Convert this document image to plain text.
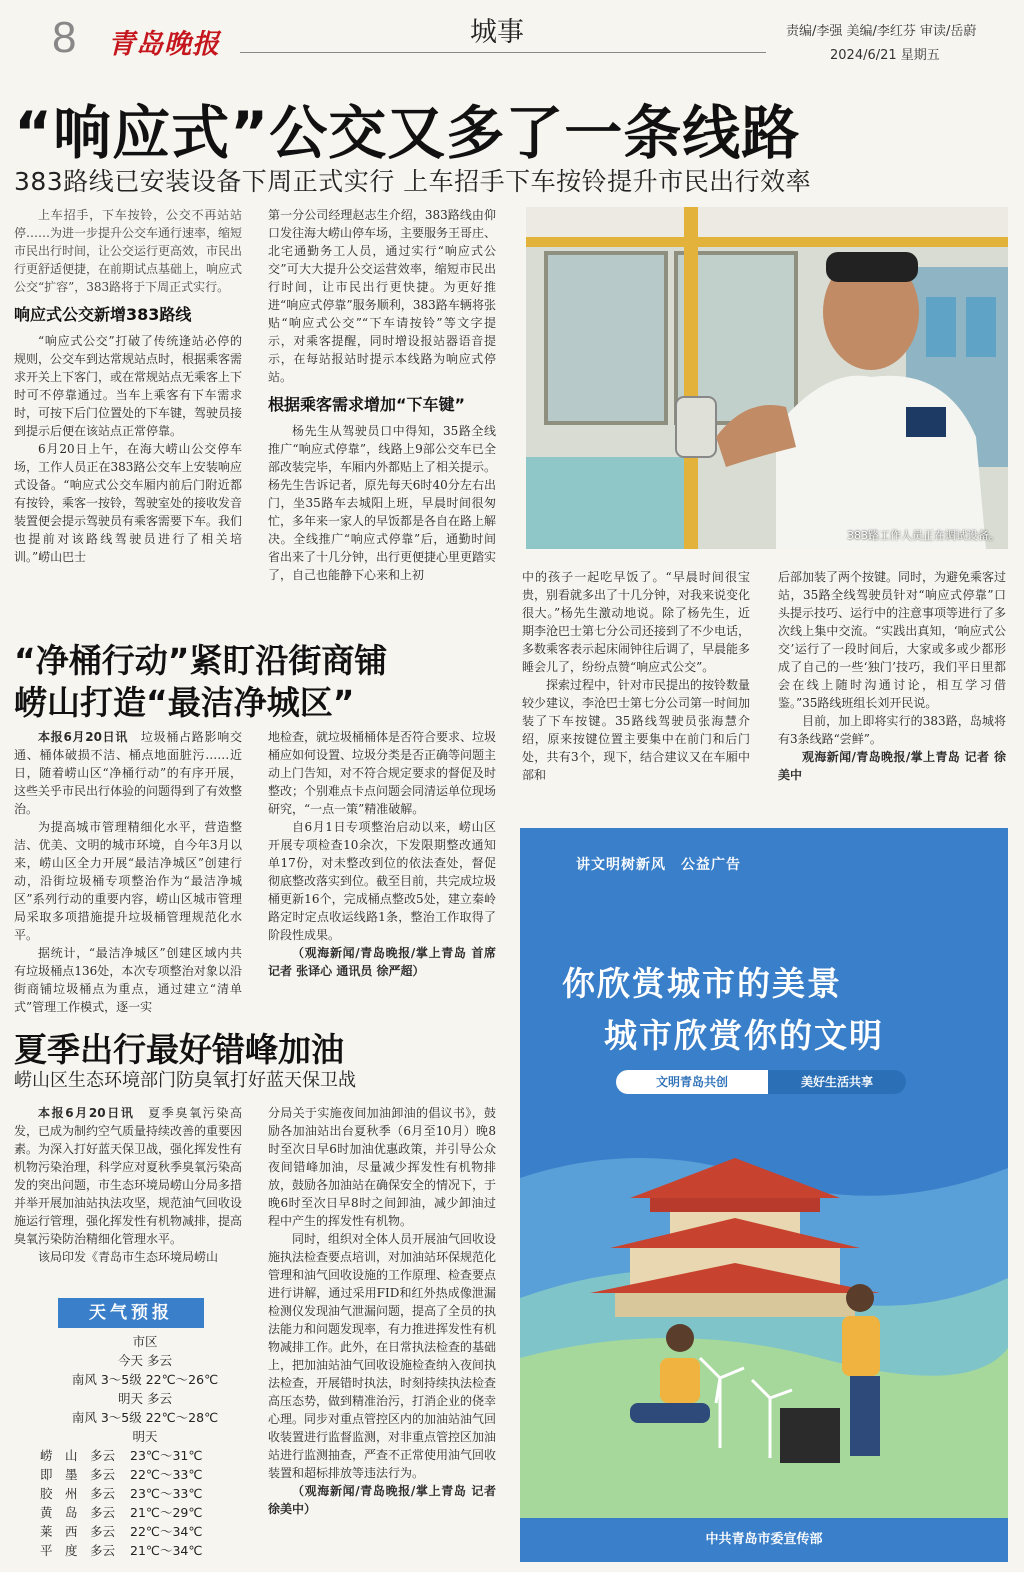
8 青岛晚报	城事	责编/李强 美编/李红芬 审读/岳蔚
2024/6/21 星期五
“响应式”公交又多了一条线路
383路线已安装设备下周正式实行 上车招手下车按铃提升市民出行效率

上车招手，下车按铃，公交不再站站停……为进一步提升公交车通行速率，缩短市民出行时间，让公交运行更高效，市民出行更舒适便捷，在前期试点基础上，响应式公交“扩容”，383路将于下周正式实行。

响应式公交新增383路线

“响应式公交”打破了传统逢站必停的规则，公交车到达常规站点时，根据乘客需求开关上下客门，或在常规站点无乘客上下时可不停靠通过。当车上乘客有下车需求时，可按下后门位置处的下车键，驾驶员接到提示后便在该站点正常停靠。

6月20日上午，在海大崂山公交停车场，工作人员正在383路公交车上安装响应式设备。“响应式公交车厢内前后门附近都有按铃，乘客一按铃，驾驶室处的接收发音装置便会提示驾驶员有乘客需要下车。我们也提前对该路线驾驶员进行了相关培训。”崂山巴士

第一分公司经理赵志生介绍，383路线由仰口发往海大崂山停车场，主要服务王哥庄、北宅通勤务工人员，通过实行“响应式公交”可大大提升公交运营效率，缩短市民出行时间，让市民出行更快捷。为更好推进“响应式停靠”服务顺利，383路车辆将张贴“响应式公交”“下车请按铃”等文字提示，对乘客提醒，同时增设报站器语音提示，在每站报站时提示本线路为响应式停站。

根据乘客需求增加“下车键”

杨先生从驾驶员口中得知，35路全线推广“响应式停靠”，线路上9部公交车已全部改装完毕，车厢内外都贴上了相关提示。杨先生告诉记者，原先每天6时40分左右出门，坐35路车去城阳上班，早晨时间很匆忙，多年来一家人的早饭都是各自在路上解决。全线推广“响应式停靠”后，通勤时间省出来了十几分钟，出行更便捷心里更踏实了，自己也能静下心来和上初

383路工作人员正在调试设备。

中的孩子一起吃早饭了。“早晨时间很宝贵，别看就多出了十几分钟，对我来说变化很大。”杨先生激动地说。除了杨先生，近期李沧巴士第七分公司还接到了不少电话，多数乘客表示起床闹钟往后调了，早晨能多睡会儿了，纷纷点赞“响应式公交”。

探索过程中，针对市民提出的按铃数量较少建议，李沧巴士第七分公司第一时间加装了下车按键。35路线驾驶员张海慧介绍，原来按键位置主要集中在前门和后门处，共有3个，现下，结合建议又在车厢中部和

后部加装了两个按键。同时，为避免乘客过站，35路全线驾驶员针对“响应式停靠”口头提示技巧、运行中的注意事项等进行了多次线上集中交流。“实践出真知，‘响应式公交’运行了一段时间后，大家或多或少都形成了自己的一些‘独门’技巧，我们平日里都会在线上随时沟通讨论，相互学习借鉴。”35路线班组长刘开民说。

目前，加上即将实行的383路，岛城将有3条线路“尝鲜”。

观海新闻/青岛晚报/掌上青岛 记者 徐美中

“净桶行动”紧盯沿街商铺
崂山打造“最洁净城区”

本报6月20日讯　 垃圾桶占路影响交通、桶体破损不洁、桶点地面脏污……近日，随着崂山区“净桶行动”的有序开展，这些关乎市民出行体验的问题得到了有效整治。

为提高城市管理精细化水平，营造整洁、优美、文明的城市环境，自今年3月以来，崂山区全力开展“最洁净城区”创建行动，沿街垃圾桶专项整治作为“最洁净城区”系列行动的重要内容，崂山区城市管理局采取多项措施提升垃圾桶管理规范化水平。

据统计，“最洁净城区”创建区域内共有垃圾桶点136处，本次专项整治对象以沿街商铺垃圾桶点为重点，通过建立“清单式”管理工作模式，逐一实

地检查，就垃圾桶桶体是否符合要求、垃圾桶应如何设置、垃圾分类是否正确等问题主动上门告知，对不符合规定要求的督促及时整改；个别难点卡点问题会同清运单位现场研究，“一点一策”精准破解。

自6月1日专项整治启动以来，崂山区开展专项检查10余次，下发限期整改通知单17份，对未整改到位的依法查处，督促彻底整改落实到位。截至目前，共完成垃圾桶更新16个，完成桶点整改5处，建立秦岭路定时定点收运线路1条，整治工作取得了阶段性成果。

（观海新闻/青岛晚报/掌上青岛 首席记者 张译心 通讯员 徐严超）

夏季出行最好错峰加油
崂山区生态环境部门防臭氧打好蓝天保卫战

本报6月20日讯　 夏季臭氧污染高发，已成为制约空气质量持续改善的重要因素。为深入打好蓝天保卫战，强化挥发性有机物污染治理，科学应对夏秋季臭氧污染高发的突出问题，市生态环境局崂山分局多措并举开展加油站执法攻坚，规范油气回收设施运行管理，强化挥发性有机物减排，提高臭氧污染防治精细化管理水平。

该局印发《青岛市生态环境局崂山

分局关于实施夜间加油卸油的倡议书》，鼓励各加油站出台夏秋季（6月至10月）晚8时至次日早6时加油优惠政策，并引导公众夜间错峰加油，尽量减少挥发性有机物排放，鼓励各加油站在确保安全的情况下，于晚6时至次日早8时之间卸油，减少卸油过程中产生的挥发性有机物。

同时，组织对全体人员开展油气回收设施执法检查要点培训，对加油站环保规范化管理和油气回收设施的工作原理、检查要点进行讲解，通过采用FID和红外热成像泄漏检测仪发现油气泄漏问题，提高了全员的执法能力和问题发现率，有力推进挥发性有机物减排工作。此外，在日常执法检查的基础上，把加油站油气回收设施检查纳入夜间执法检查，开展错时执法，时刻持续执法检查高压态势，做到精准治污，打消企业的侥幸心理。同步对重点管控区内的加油站油气回收装置进行监督监测，对非重点管控区加油站进行监测抽查，严查不正常使用油气回收装置和超标排放等违法行为。

（观海新闻/青岛晚报/掌上青岛 记者 徐美中）

天气预报
市区
今天 多云
南风 3～5级 22℃～26℃
明天 多云
南风 3～5级 22℃～28℃
明天
崂　山 多云 23℃～31℃
即　墨 多云 22℃～33℃
胶　州 多云 23℃～33℃
黄　岛 多云 21℃～29℃
莱　西 多云 22℃～34℃
平　度 多云 21℃～34℃
讲文明树新风　公益广告
你欣赏城市的美景
城市欣赏你的文明
文明青岛共创	美好生活共享
中共青岛市委宣传部
